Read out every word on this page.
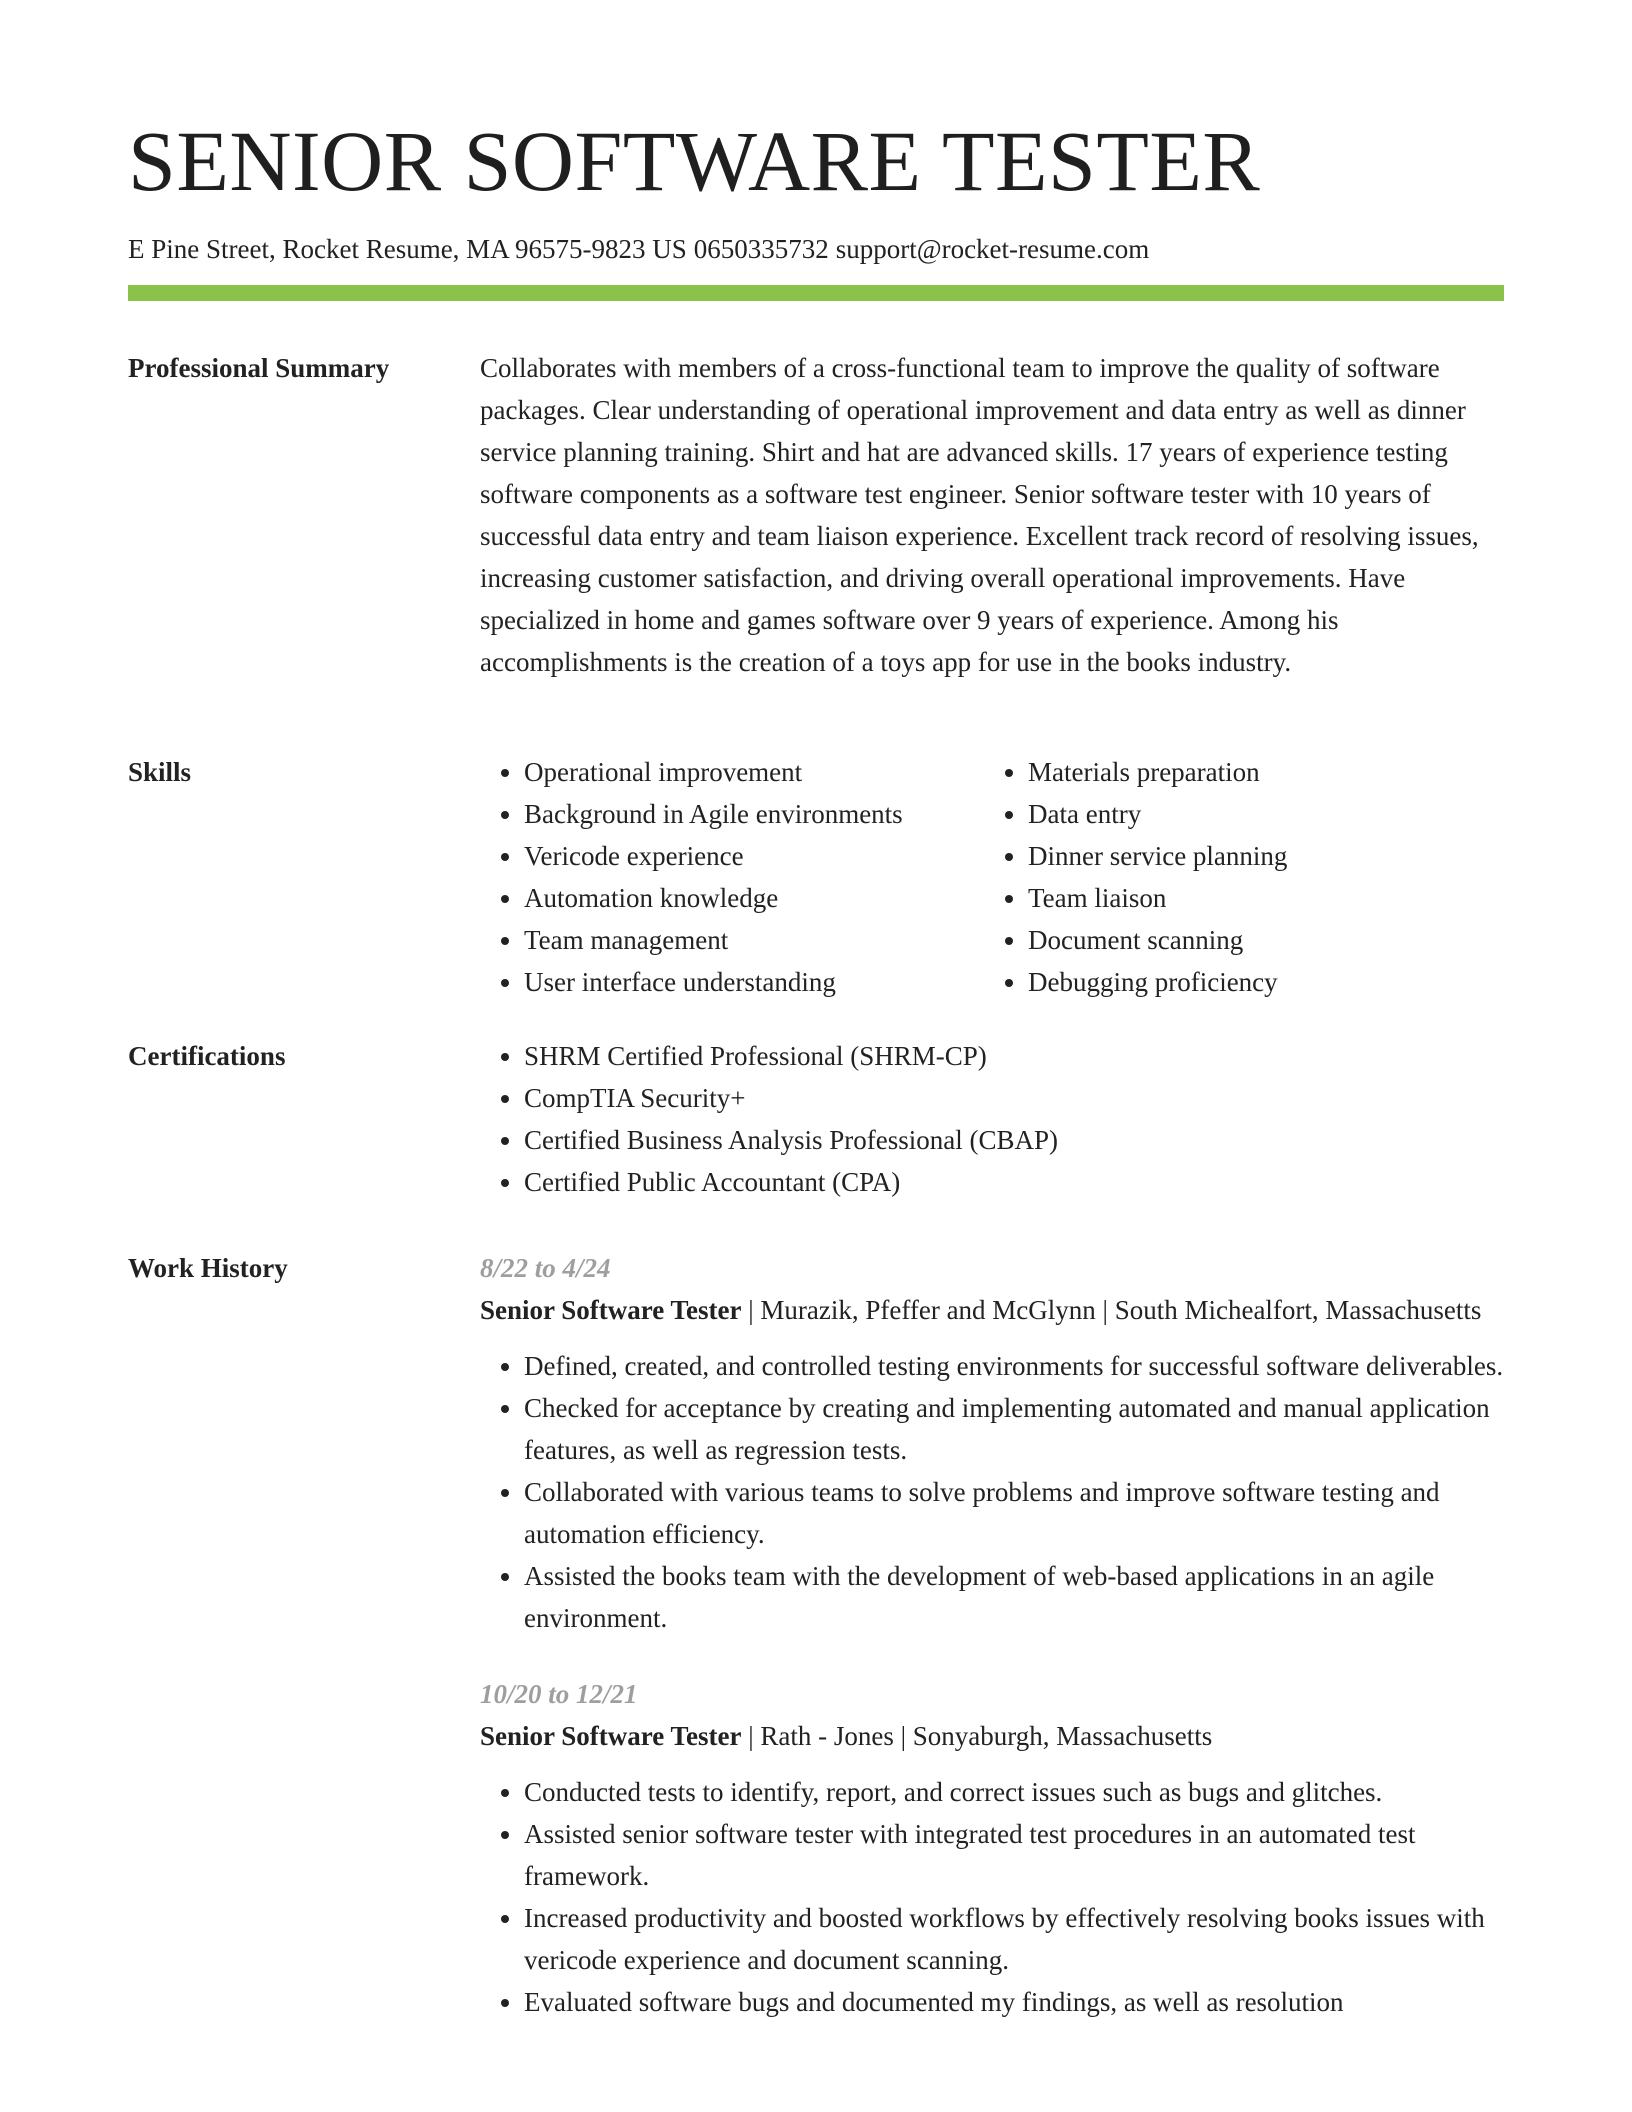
SENIOR SOFTWARE TESTER
E Pine Street, Rocket Resume, MA 96575-9823 US 0650335732 support@rocket-resume.com
Professional Summary	Collaborates with members of a cross-functional team to improve the quality of software packages. Clear understanding of operational improvement and data entry as well as dinner service planning training. Shirt and hat are advanced skills. 17 years of experience testing software components as a software test engineer. Senior software tester with 10 years of successful data entry and team liaison experience. Excellent track record of resolving issues, increasing customer satisfaction, and driving overall operational improvements. Have specialized in home and games software over 9 years of experience. Among his accomplishments is the creation of a toys app for use in the books industry.

Skills	• Operational improvement
• Background in Agile environments
• Vericode experience
• Automation knowledge
• Team management
• User interface understanding
• Materials preparation
• Data entry
• Dinner service planning
• Team liaison
• Document scanning
• Debugging proficiency
Certifications	• SHRM Certified Professional (SHRM-CP)
• CompTIA Security+
• Certified Business Analysis Professional (CBAP)
• Certified Public Accountant (CPA)
Work History	8/22 to 4/24
Senior Software Tester | Murazik, Pfeffer and McGlynn | South Michealfort, Massachusetts
• Defined, created, and controlled testing environments for successful software deliverables.
• Checked for acceptance by creating and implementing automated and manual application features, as well as regression tests.
• Collaborated with various teams to solve problems and improve software testing and automation efficiency.
• Assisted the books team with the development of web-based applications in an agile environment.
10/20 to 12/21
Senior Software Tester | Rath - Jones | Sonyaburgh, Massachusetts
• Conducted tests to identify, report, and correct issues such as bugs and glitches.
• Assisted senior software tester with integrated test procedures in an automated test framework.
• Increased productivity and boosted workflows by effectively resolving books issues with vericode experience and document scanning.
• Evaluated software bugs and documented my findings, as well as resolution
